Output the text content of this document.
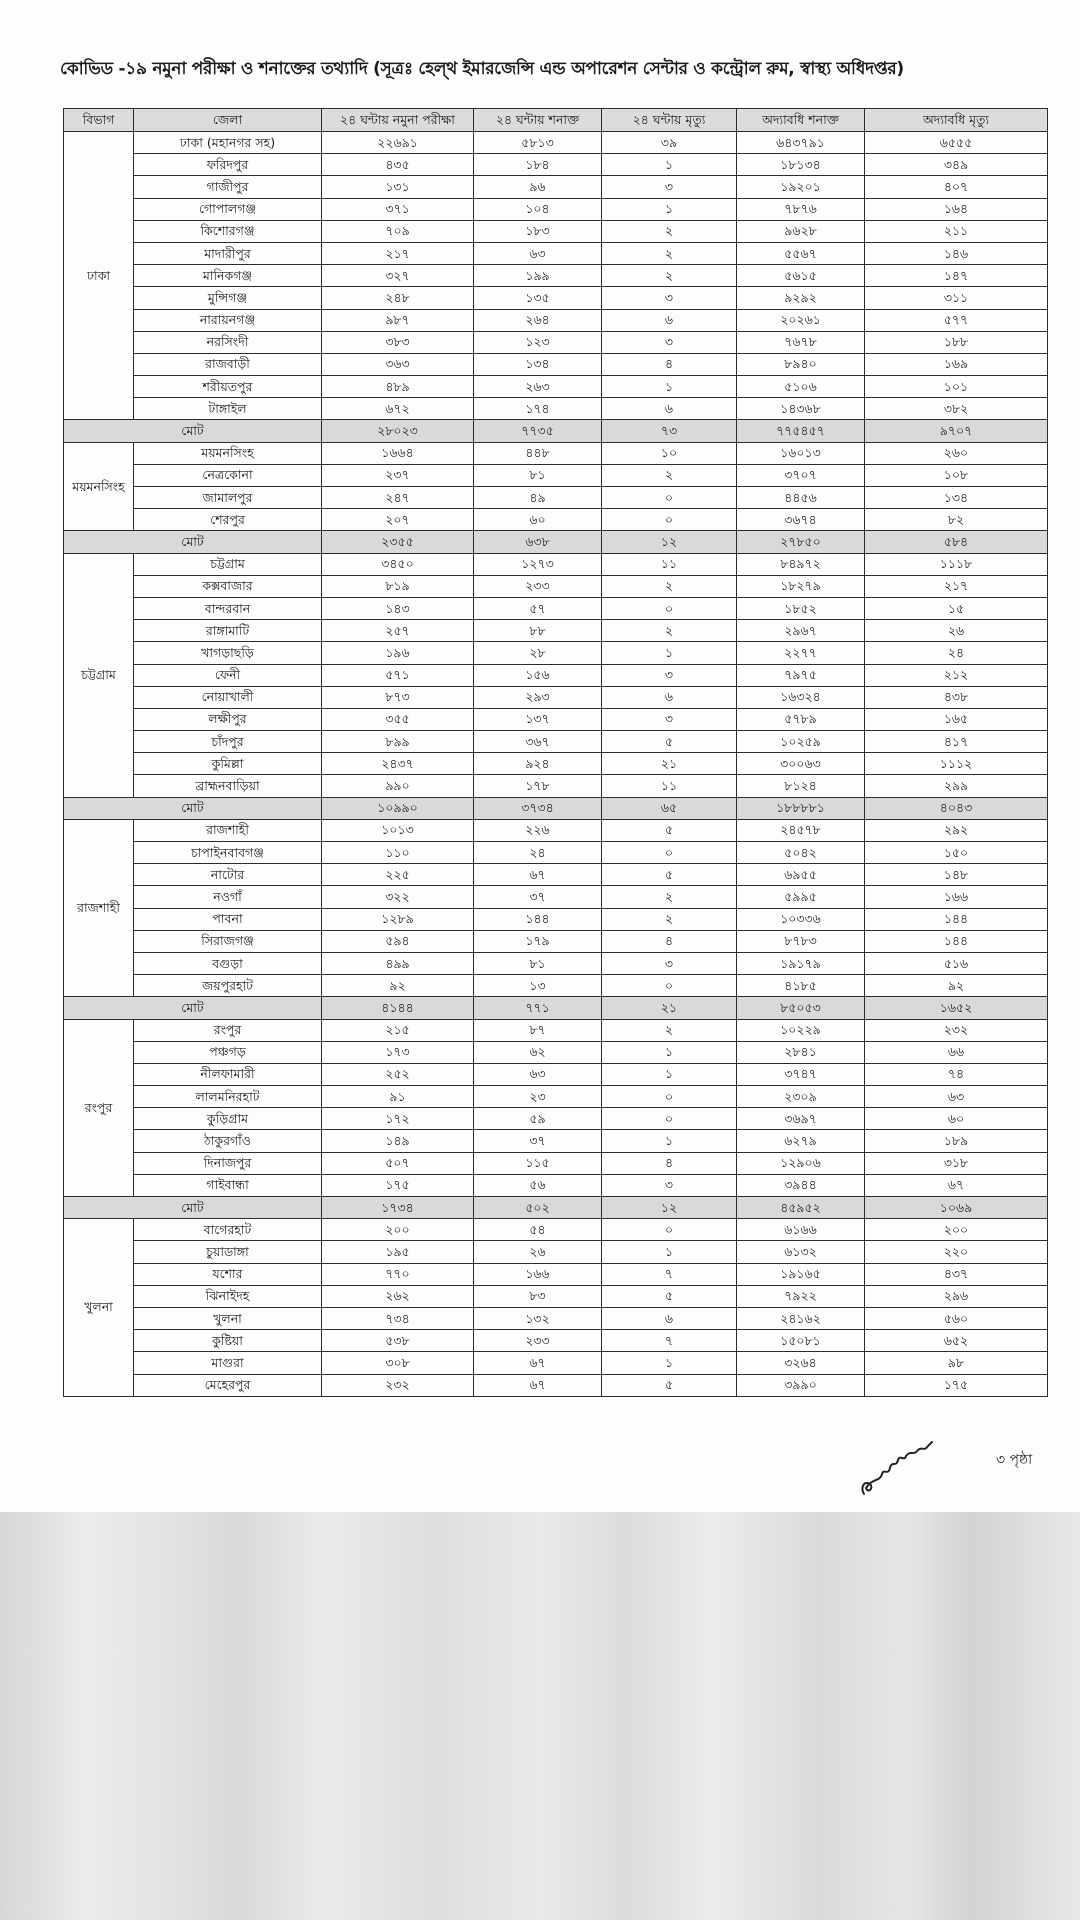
কোভিড -১৯ নমুনা পরীক্ষা ও শনাক্তের তথ্যাদি (সূত্রঃ হেল্‌থ ইমারজেন্সি এন্ড অপারেশন সেন্টার ও কন্ট্রোল রুম, স্বাস্থ্য অধিদপ্তর)
বিভাগ	জেলা	২৪ ঘন্টায় নমুনা পরীক্ষা	২৪ ঘন্টায় শনাক্ত	২৪ ঘন্টায় মৃত্যু	অদ্যাবধি শনাক্ত	অদ্যাবধি মৃত্যু
ঢাকা	ঢাকা (মহানগর সহ)	২২৬৯১	৫৮১৩	৩৯	৬৪৩৭৯১	৬৫৫৫
	ফরিদপুর	৪৩৫	১৮৪	১	১৮১৩৪	৩৪৯
	গাজীপুর	১৩১	৯৬	৩	১৯২০১	৪০৭
	গোপালগঞ্জ	৩৭১	১০৪	১	৭৮৭৬	১৬৪
	কিশোরগঞ্জ	৭০৯	১৮৩	২	৯৬২৮	২১১
	মাদারীপুর	২১৭	৬৩	২	৫৫৬৭	১৪৬
	মানিকগঞ্জ	৩২৭	১৯৯	২	৫৬১৫	১৪৭
	মুন্সিগঞ্জ	২৪৮	১৩৫	৩	৯২৯২	৩১১
	নারায়নগঞ্জ	৯৮৭	২৬৪	৬	২০২৬১	৫৭৭
	নরসিংদী	৩৮৩	১২৩	৩	৭৬৭৮	১৮৮
	রাজবাড়ী	৩৬৩	১৩৪	৪	৮৯৪০	১৬৯
	শরীয়তপুর	৪৮৯	২৬৩	১	৫১০৬	১০১
	টাঙ্গাইল	৬৭২	১৭৪	৬	১৪৩৬৮	৩৮২
মোট		২৮০২৩	৭৭৩৫	৭৩	৭৭৫৪৫৭	৯৭০৭
ময়মনসিংহ	ময়মনসিংহ	১৬৬৪	৪৪৮	১০	১৬০১৩	২৬০
	নেত্রকোনা	২৩৭	৮১	২	৩৭০৭	১০৮
	জামালপুর	২৪৭	৪৯	০	৪৪৫৬	১৩৪
	শেরপুর	২০৭	৬০	০	৩৬৭৪	৮২
মোট		২৩৫৫	৬৩৮	১২	২৭৮৫০	৫৮৪
চট্টগ্রাম	চট্টগ্রাম	৩৪৫০	১২৭৩	১১	৮৪৯৭২	১১১৮
	কক্সবাজার	৮১৯	২৩৩	২	১৮২৭৯	২১৭
	বান্দরবান	১৪৩	৫৭	০	১৮৫২	১৫
	রাঙ্গামাটি	২৫৭	৮৮	২	২৯৬৭	২৬
	খাগড়াছড়ি	১৯৬	২৮	১	২২৭৭	২৪
	ফেনী	৫৭১	১৫৬	৩	৭৯৭৫	২১২
	নোয়াখালী	৮৭৩	২৯৩	৬	১৬৩২৪	৪৩৮
	লক্ষীপুর	৩৫৫	১৩৭	৩	৫৭৮৯	১৬৫
	চাঁদপুর	৮৯৯	৩৬৭	৫	১০২৫৯	৪১৭
	কুমিল্লা	২৪৩৭	৯২৪	২১	৩০০৬৩	১১১২
	ব্রাহ্মনবাড়িয়া	৯৯০	১৭৮	১১	৮১২৪	২৯৯
মোট		১০৯৯০	৩৭৩৪	৬৫	১৮৮৮৮১	৪০৪৩
রাজশাহী	রাজশাহী	১০১৩	২২৬	৫	২৪৫৭৮	২৯২
	চাপাইনবাবগঞ্জ	১১০	২৪	০	৫০৪২	১৫০
	নাটোর	২২৫	৬৭	৫	৬৯৫৫	১৪৮
	নওগাঁ	৩২২	৩৭	২	৫৯৯৫	১৬৬
	পাবনা	১২৮৯	১৪৪	২	১০৩৩৬	১৪৪
	সিরাজগঞ্জ	৫৯৪	১৭৯	৪	৮৭৮৩	১৪৪
	বগুড়া	৪৯৯	৮১	৩	১৯১৭৯	৫১৬
	জয়পুরহাট	৯২	১৩	০	৪১৮৫	৯২
মোট		৪১৪৪	৭৭১	২১	৮৫০৫৩	১৬৫২
রংপুর	রংপুর	২১৫	৮৭	২	১০২২৯	২৩২
	পঞ্চগড়	১৭৩	৬২	১	২৮৪১	৬৬
	নীলফামারী	২৫২	৬৩	১	৩৭৪৭	৭৪
	লালমনিরহাট	৯১	২৩	০	২৩০৯	৬৩
	কুড়িগ্রাম	১৭২	৫৯	০	৩৬৯৭	৬০
	ঠাকুরগাঁও	১৪৯	৩৭	১	৬২৭৯	১৮৯
	দিনাজপুর	৫০৭	১১৫	৪	১২৯০৬	৩১৮
	গাইবান্ধা	১৭৫	৫৬	৩	৩৯৪৪	৬৭
মোট		১৭৩৪	৫০২	১২	৪৫৯৫২	১০৬৯
খুলনা	বাগেরহাট	২০০	৫৪	০	৬১৬৬	২০০
	চুয়াডাঙ্গা	১৯৫	২৬	১	৬১৩২	২২০
	যশোর	৭৭০	১৬৬	৭	১৯১৬৫	৪৩৭
	ঝিনাইদহ	২৬২	৮৩	৫	৭৯২২	২৯৬
	খুলনা	৭৩৪	১৩২	৬	২৪১৬২	৫৬০
	কুষ্টিয়া	৫৩৮	২৩৩	৭	১৫০৮১	৬৫২
	মাগুরা	৩০৮	৬৭	১	৩২৬৪	৯৮
	মেহেরপুর	২৩২	৬৭	৫	৩৯৯০	১৭৫
৩ পৃষ্ঠা
